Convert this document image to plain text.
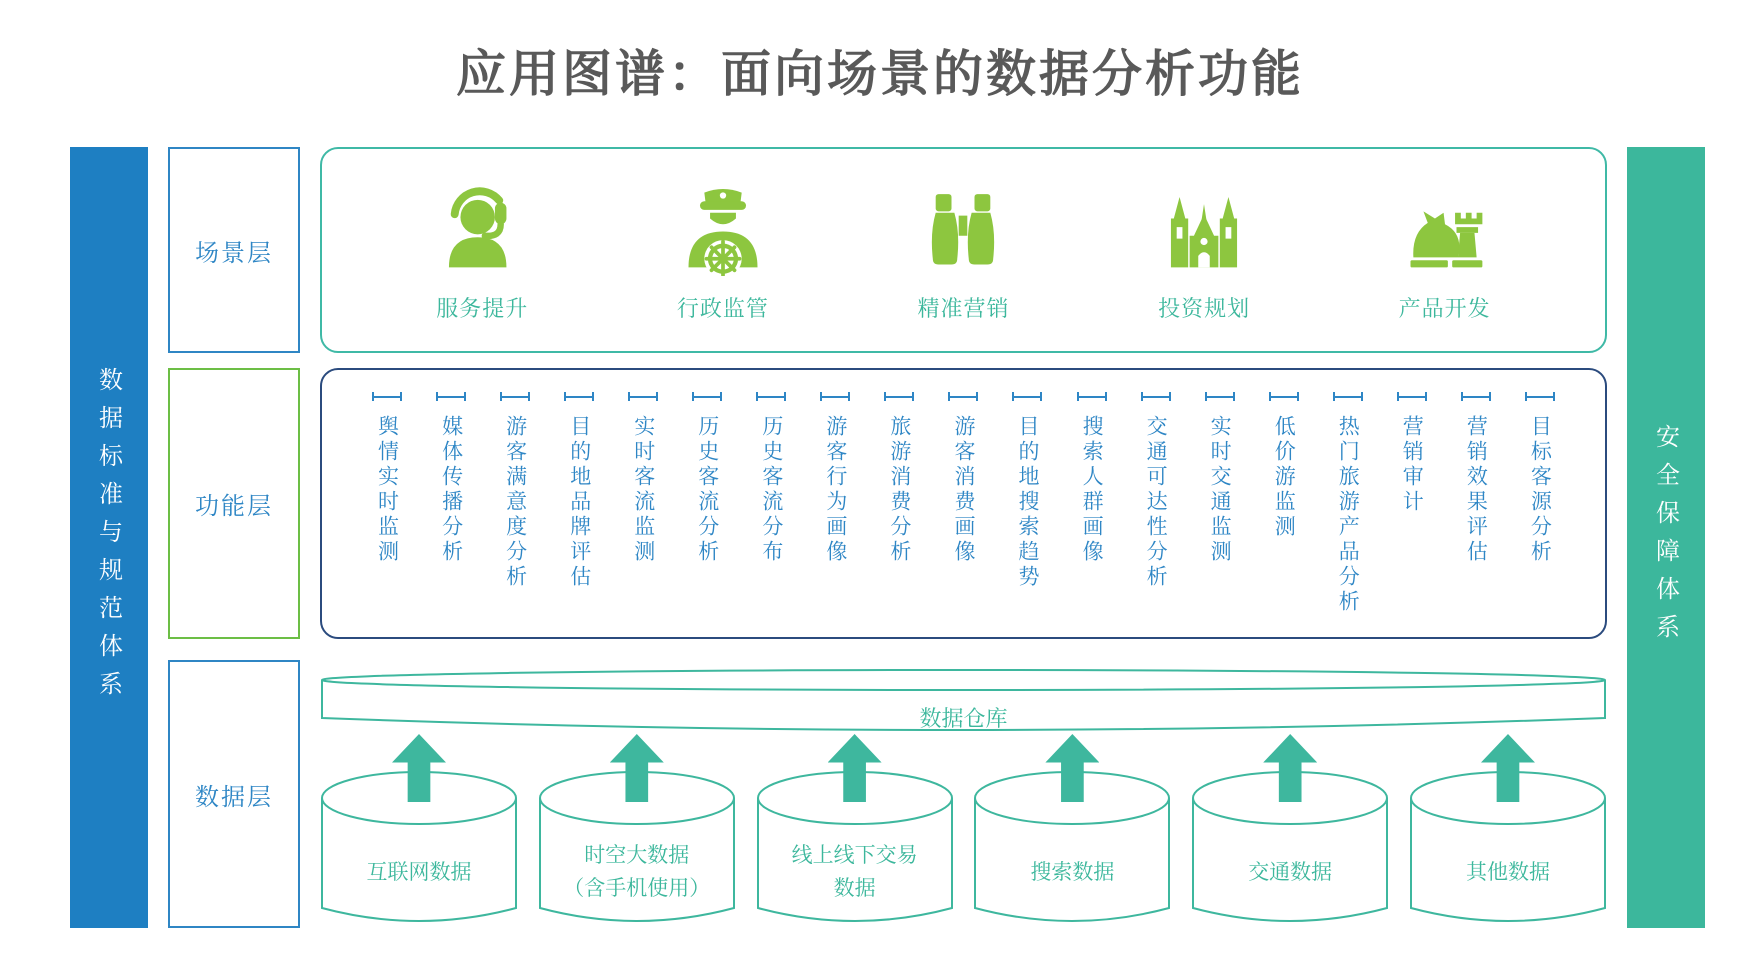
应用图谱：面向场景的数据分析功能
数据标准与规范体系	安全保障体系
场景层
功能层
数据层
服务提升	行政监管	精准营销	投资规划	产品开发
舆情实时监测 媒体传播分析 游客满意度分析 目的地品牌评估 实时客流监测 历史客流分析 历史客流分布 游客行为画像 旅游消费分析 游客消费画像 目的地搜索趋势 搜索人群画像 交通可达性分析 实时交通监测 低价游监测 热门旅游产品分析 营销审计 营销效果评估 目标客源分析
数据仓库
互联网数据
时空大数据
（含手机使用）
线上线下交易
数据
搜索数据	交通数据	其他数据
